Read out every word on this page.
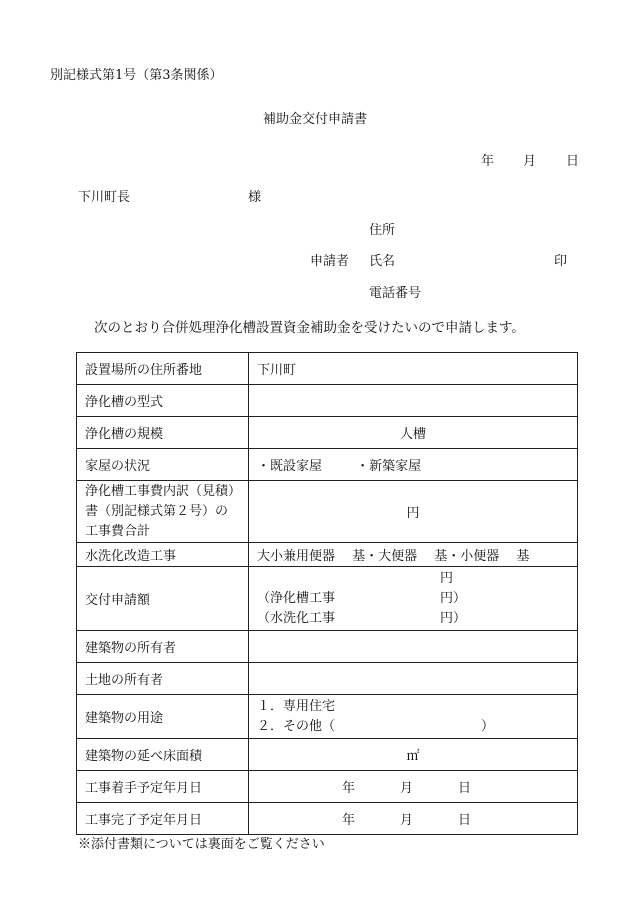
別記様式第1号（第3条関係）
補助金交付申請書
年 月 日
下川町長	様
住所
申請者 氏名	印
電話番号
次のとおり合併処理浄化槽設置資金補助金を受けたいので申請します。
設置場所の住所番地	下川町
浄化槽の型式	
浄化槽の規模	人槽
家屋の状況	・既設家屋 ・新築家屋

浄化槽工事費内訳（見積）
書（別記様式第２号）の
工事費合計	円
水洗化改造工事	大小兼用便器　 基・大便器　 基・小便器　 基
交付申請額	円
（浄化槽工事 円）
（水洗化工事 円）

建築物の所有者	
土地の所有者	
建築物の用途	１．専用住宅
２．その他（ ）

建築物の延べ床面積	㎡
工事着手予定年月日	年 月 日
工事完了予定年月日	年 月 日
※添付書類については裏面をご覧ください
